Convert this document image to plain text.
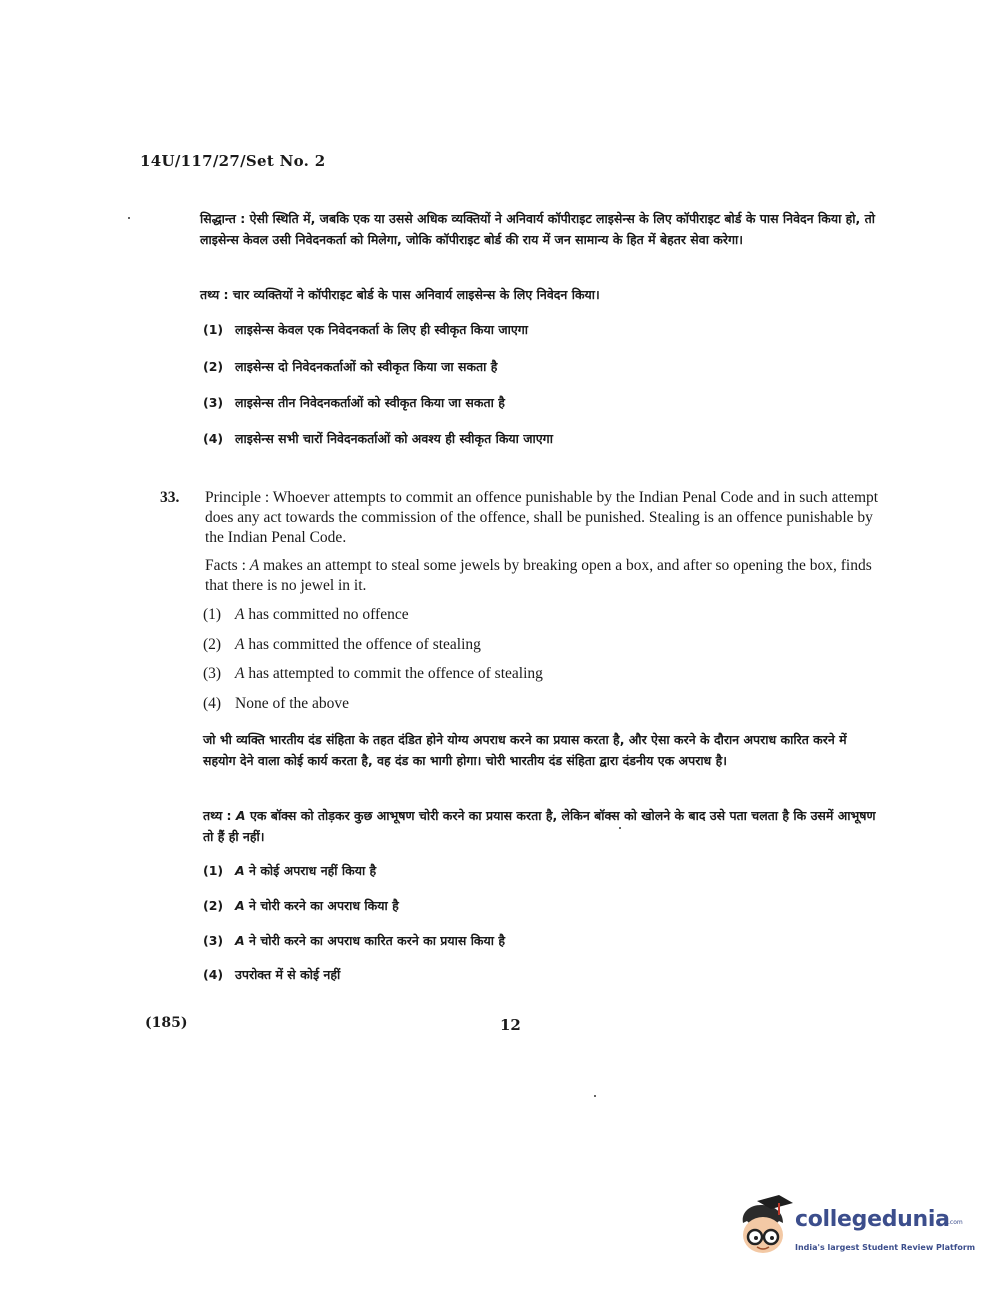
14U/117/27/Set No. 2
सिद्धान्त : ऐसी स्थिति में, जबकि एक या उससे अधिक व्यक्तियों ने अनिवार्य कॉपीराइट लाइसेन्स के लिए कॉपीराइट बोर्ड के पास निवेदन किया हो, तो लाइसेन्स केवल उसी निवेदनकर्ता को मिलेगा, जोकि कॉपीराइट बोर्ड की राय में जन सामान्य के हित में बेहतर सेवा करेगा।
तथ्य : चार व्यक्तियों ने कॉपीराइट बोर्ड के पास अनिवार्य लाइसेन्स के लिए निवेदन किया।
(1) लाइसेन्स केवल एक निवेदनकर्ता के लिए ही स्वीकृत किया जाएगा
(2) लाइसेन्स दो निवेदनकर्ताओं को स्वीकृत किया जा सकता है
(3) लाइसेन्स तीन निवेदनकर्ताओं को स्वीकृत किया जा सकता है
(4) लाइसेन्स सभी चारों निवेदनकर्ताओं को अवश्य ही स्वीकृत किया जाएगा
33. Principle : Whoever attempts to commit an offence punishable by the Indian Penal Code and in such attempt does any act towards the commission of the offence, shall be punished. Stealing is an offence punishable by the Indian Penal Code.
Facts : A makes an attempt to steal some jewels by breaking open a box, and after so opening the box, finds that there is no jewel in it.
(1) A has committed no offence
(2) A has committed the offence of stealing
(3) A has attempted to commit the offence of stealing
(4) None of the above
जो भी व्यक्ति भारतीय दंड संहिता के तहत दंडित होने योग्य अपराध करने का प्रयास करता है, और ऐसा करने के दौरान अपराध कारित करने में सहयोग देने वाला कोई कार्य करता है, वह दंड का भागी होगा। चोरी भारतीय दंड संहिता द्वारा दंडनीय एक अपराध है।
तथ्य : A एक बॉक्स को तोड़कर कुछ आभूषण चोरी करने का प्रयास करता है, लेकिन बॉक्स को खोलने के बाद उसे पता चलता है कि उसमें आभूषण तो हैं ही नहीं।
(1) A ने कोई अपराध नहीं किया है
(2) A ने चोरी करने का अपराध किया है
(3) A ने चोरी करने का अपराध कारित करने का प्रयास किया है
(4) उपरोक्त में से कोई नहीं
(185)	12
collegedunia
.com
India's largest Student Review Platform
